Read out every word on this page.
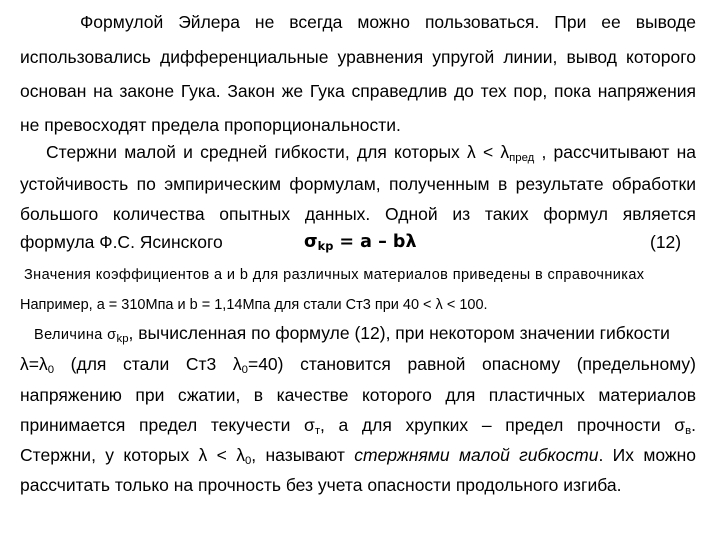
Формулой Эйлера не всегда можно пользоваться. При ее выводе
использовались дифференциальные уравнения упругой линии, вывод которого
основан на законе Гука. Закон же Гука справедлив до тех пор, пока напряжения
не превосходят предела пропорциональности.
Стержни малой и средней гибкости, для которых $\lambda < \lambda_{пред}$ , рассчитывают на
устойчивость по эмпирическим формулам, полученным в результате обработки
большого количества опытных данных. Одной из таких формул является
формула Ф.С. Ясинского	$\sigma_{kp} = a - b\lambda$	(12)
Значения коэффициентов a и b для различных материалов приведены в справочниках
Например, a = 310Мпа и b = 1,14Мпа для стали Ст3 при 40 < λ < 100.
Величина $\sigma_{kp}$, вычисленная по формуле (12), при некотором значении гибкости
$\lambda=\lambda_0$ (для стали Ст3 $\lambda_0=40$) становится равной опасному (предельному)
напряжению при сжатии, в качестве которого для пластичных материалов
принимается предел текучести $\sigma_т$, а для хрупких – предел прочности $\sigma_в$.
Стержни, у которых $\lambda < \lambda_0$, называют стержнями малой гибкости. Их можно
рассчитать только на прочность без учета опасности продольного изгиба.
